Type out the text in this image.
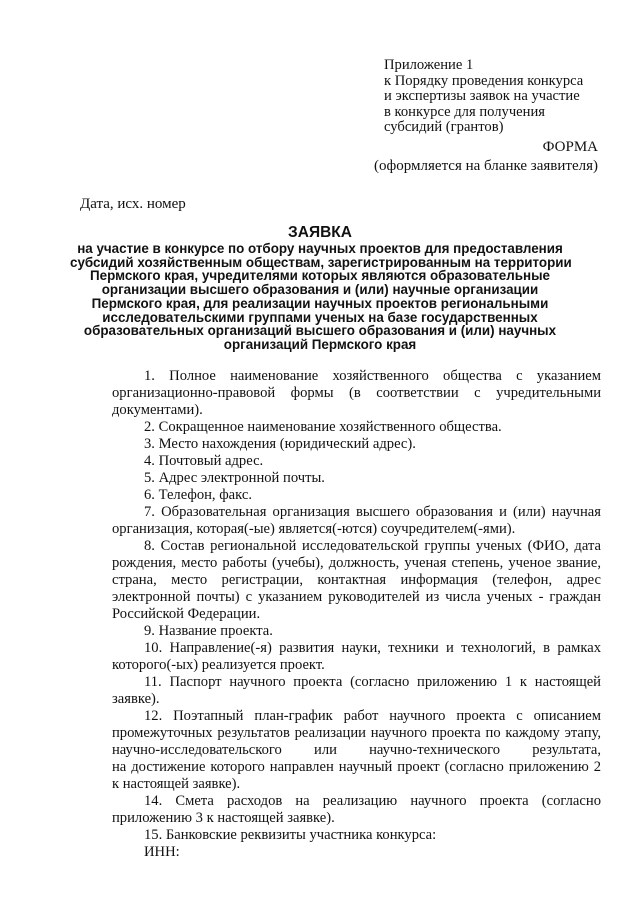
Приложение 1
к Порядку проведения конкурса
и экспертизы заявок на участие
в конкурсе для получения
субсидий (грантов)
ФОРМА
(оформляется на бланке заявителя)
Дата, исх. номер
ЗАЯВКА
на участие в конкурсе по отбору научных проектов для предоставления
субсидий хозяйственным обществам, зарегистрированным на территории
Пермского края, учредителями которых являются образовательные
организации высшего образования и (или) научные организации
Пермского края, для реализации научных проектов региональными
исследовательскими группами ученых на базе государственных
образовательных организаций высшего образования и (или) научных
организаций Пермского края
1. Полное наименование хозяйственного общества с указанием
организационно-правовой формы (в соответствии с учредительными
документами).
2. Сокращенное наименование хозяйственного общества.
3. Место нахождения (юридический адрес).
4. Почтовый адрес.
5. Адрес электронной почты.
6. Телефон, факс.
7. Образовательная организация высшего образования и (или) научная
организация, которая(-ые) является(-ются) соучредителем(-ями).
8. Состав региональной исследовательской группы ученых (ФИО, дата
рождения, место работы (учебы), должность, ученая степень, ученое звание,
страна, место регистрации, контактная информация (телефон, адрес
электронной почты) с указанием руководителей из числа ученых - граждан
Российской Федерации.
9. Название проекта.
10. Направление(-я) развития науки, техники и технологий, в рамках
которого(-ых) реализуется проект.
11. Паспорт научного проекта (согласно приложению 1 к настоящей
заявке).
12. Поэтапный план-график работ научного проекта с описанием
промежуточных результатов реализации научного проекта по каждому этапу,
научно-исследовательского или научно-технического результата,
на достижение которого направлен научный проект (согласно приложению 2
к настоящей заявке).
14. Смета расходов на реализацию научного проекта (согласно
приложению 3 к настоящей заявке).
15. Банковские реквизиты участника конкурса:
ИНН:
